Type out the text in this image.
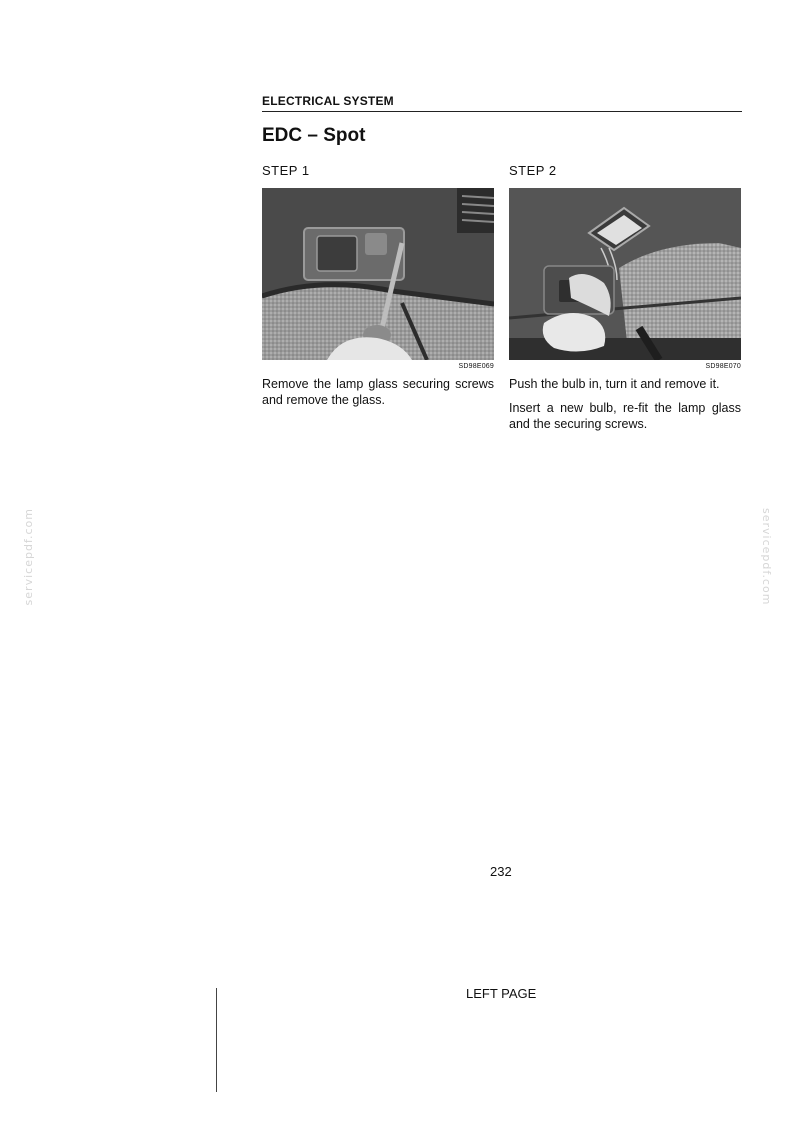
ELECTRICAL SYSTEM
EDC – Spot
STEP 1
SD98E069

Remove the lamp glass securing screws and remove the glass.

STEP 2
SD98E070

Push the bulb in, turn it and remove it.

Insert a new bulb, re-fit the lamp glass and the securing screws.

servicepdf.com	servicepdf.com
232
LEFT PAGE
